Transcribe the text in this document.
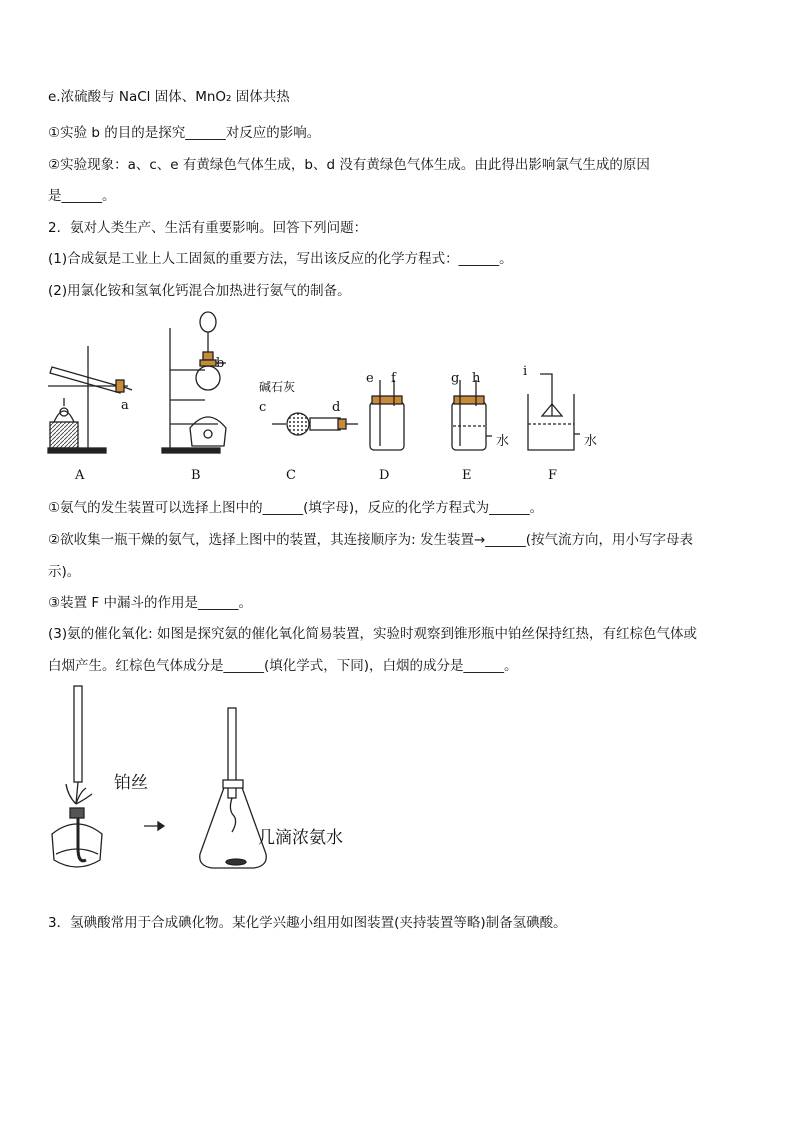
e.浓硫酸与 NaCl 固体、MnO₂ 固体共热
①实验 b 的目的是探究______对反应的影响。
②实验现象：a、c、e 有黄绿色气体生成，b、d 没有黄绿色气体生成。由此得出影响氯气生成的原因
是______。
2．氨对人类生产、生活有重要影响。回答下列问题：
(1)合成氨是工业上人工固氮的重要方法，写出该反应的化学方程式：______。
(2)用氯化铵和氢氧化钙混合加热进行氨气的制备。
a
b
碱石灰
c	d
e f	g h	i
水	水
A	B	C	D	E	F
①氨气的发生装置可以选择上图中的______(填字母)，反应的化学方程式为______。
②欲收集一瓶干燥的氨气，选择上图中的装置，其连接顺序为: 发生装置→______(按气流方向，用小写字母表
示)。
③装置 F 中漏斗的作用是______。
(3)氨的催化氧化: 如图是探究氨的催化氧化简易装置，实验时观察到锥形瓶中铂丝保持红热，有红棕色气体或
白烟产生。红棕色气体成分是______(填化学式，下同)，白烟的成分是______。
铂丝
几滴浓氨水
3．氢碘酸常用于合成碘化物。某化学兴趣小组用如图装置(夹持装置等略)制备氢碘酸。
